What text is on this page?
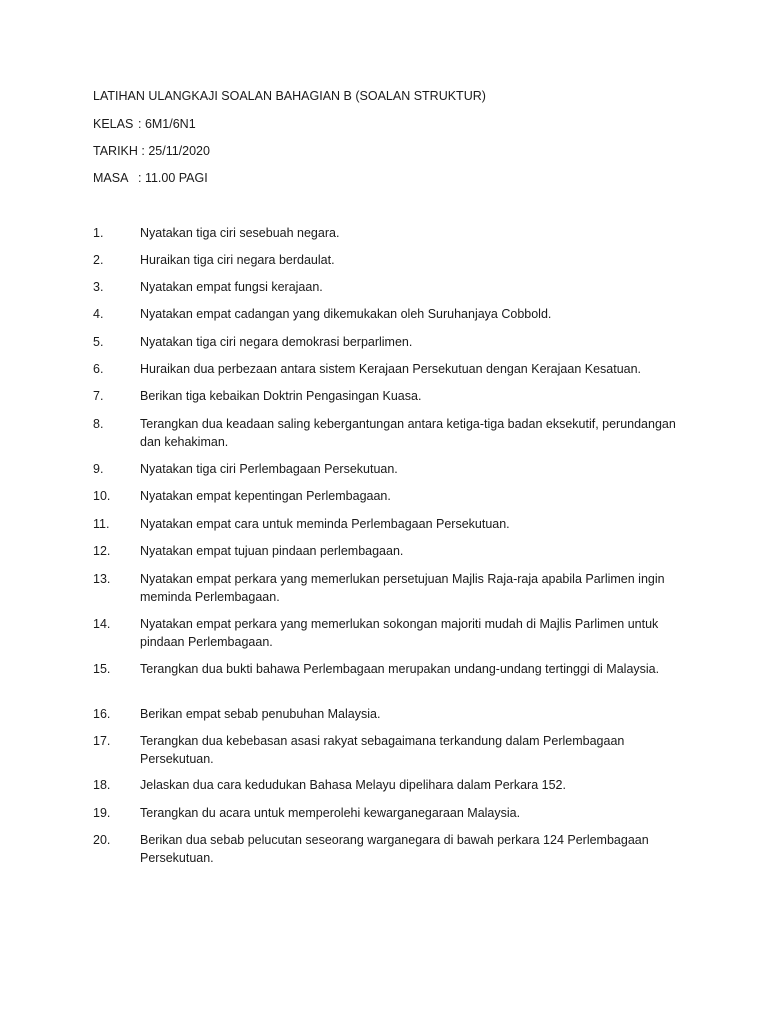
LATIHAN ULANGKAJI SOALAN BAHAGIAN B (SOALAN STRUKTUR)
KELAS : 6M1/6N1
TARIKH : 25/11/2020
MASA : 11.00 PAGI
1.	Nyatakan tiga ciri sesebuah negara.
2.	Huraikan tiga ciri negara berdaulat.
3.	Nyatakan empat fungsi kerajaan.
4.	Nyatakan empat cadangan yang dikemukakan oleh Suruhanjaya Cobbold.
5.	Nyatakan tiga ciri negara demokrasi berparlimen.
6.	Huraikan dua perbezaan antara sistem Kerajaan Persekutuan dengan Kerajaan Kesatuan.
7.	Berikan tiga kebaikan Doktrin Pengasingan Kuasa.
8.	Terangkan dua keadaan saling kebergantungan antara ketiga-tiga badan eksekutif, perundangan dan kehakiman.
9.	Nyatakan tiga ciri Perlembagaan Persekutuan.
10. Nyatakan empat kepentingan Perlembagaan.
11. Nyatakan empat cara untuk meminda Perlembagaan Persekutuan.
12. Nyatakan empat tujuan pindaan perlembagaan.
13. Nyatakan empat perkara yang memerlukan persetujuan Majlis Raja-raja apabila Parlimen ingin meminda Perlembagaan.
14. Nyatakan empat perkara yang memerlukan sokongan majoriti mudah di Majlis Parlimen untuk pindaan Perlembagaan.
15. Terangkan dua bukti bahawa Perlembagaan merupakan undang-undang tertinggi di Malaysia.
16. Berikan empat sebab penubuhan Malaysia.
17. Terangkan dua kebebasan asasi rakyat sebagaimana terkandung dalam Perlembagaan Persekutuan.
18. Jelaskan dua cara kedudukan Bahasa Melayu dipelihara dalam Perkara 152.
19. Terangkan du acara untuk memperolehi kewarganegaraan Malaysia.
20. Berikan dua sebab pelucutan seseorang warganegara di bawah perkara 124 Perlembagaan Persekutuan.
